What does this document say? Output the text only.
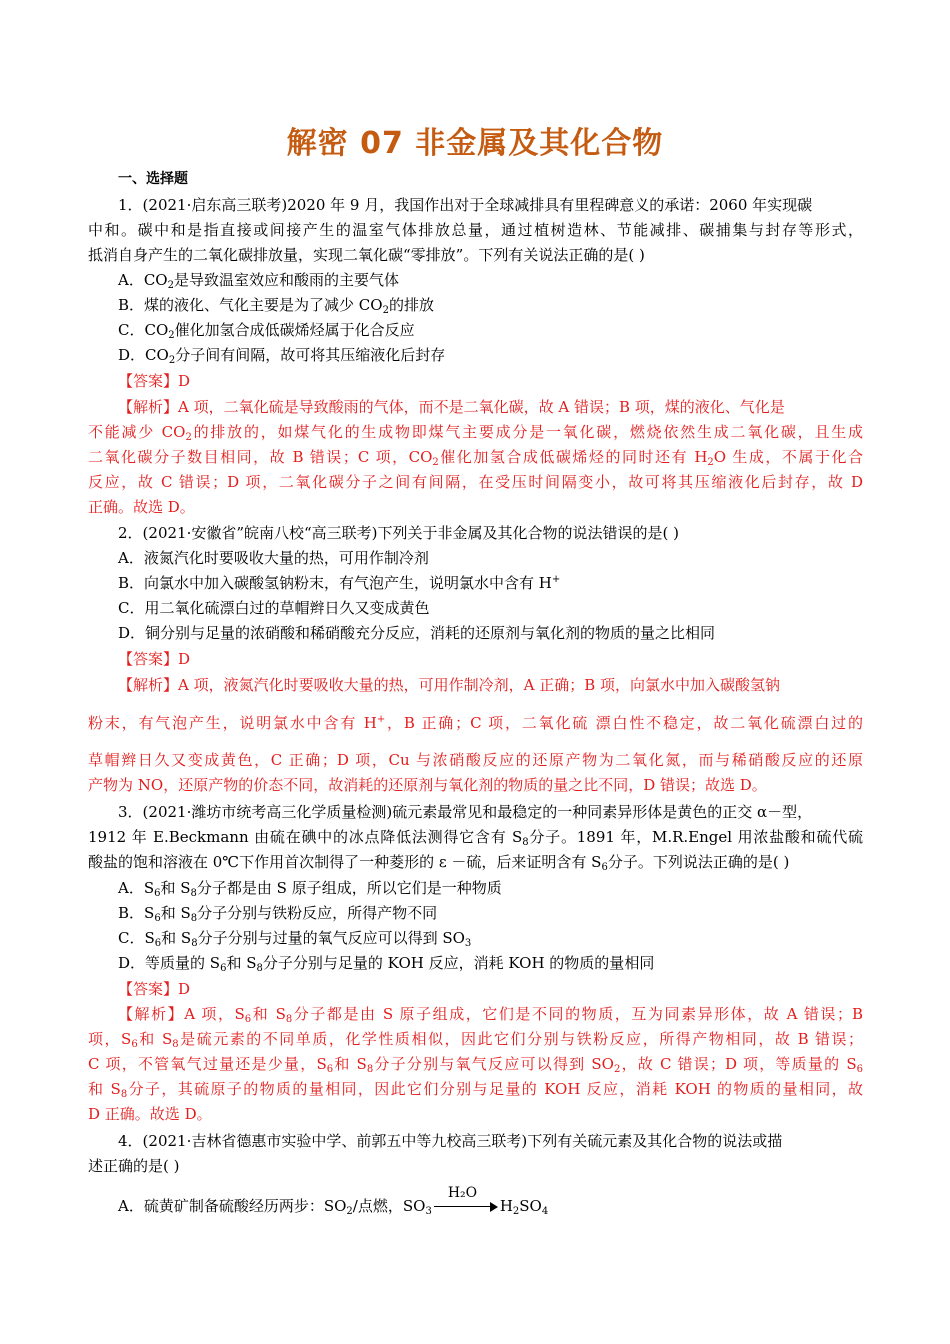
解密 07 非金属及其化合物
一、选择题
1．(2021·启东高三联考)2020 年 9 月，我国作出对于全球减排具有里程碑意义的承诺：2060 年实现碳
中和。碳中和是指直接或间接产生的温室气体排放总量，通过植树造林、节能减排、碳捕集与封存等形式，
抵消自身产生的二氧化碳排放量，实现二氧化碳“零排放”。下列有关说法正确的是( )
A．$CO_2$是导致温室效应和酸雨的主要气体
B．煤的液化、气化主要是为了减少 $CO_2$的排放
C．$CO_2$催化加氢合成低碳烯烃属于化合反应
D．$CO_2$分子间有间隔，故可将其压缩液化后封存
【答案】D
【解析】A 项，二氧化硫是导致酸雨的气体，而不是二氧化碳，故 A 错误；B 项，煤的液化、气化是
不能减少 $CO_2$的排放的，如煤气化的生成物即煤气主要成分是一氧化碳，燃烧依然生成二氧化碳，且生成
二氧化碳分子数目相同，故 B 错误；C 项，$CO_2$催化加氢合成低碳烯烃的同时还有 $H_2O$ 生成，不属于化合
反应，故 C 错误；D 项，二氧化碳分子之间有间隔，在受压时间隔变小，故可将其压缩液化后封存，故 D
正确。故选 D。
2．(2021·安徽省”皖南八校“高三联考)下列关于非金属及其化合物的说法错误的是( )
A．液氮汽化时要吸收大量的热，可用作制冷剂
B．向氯水中加入碳酸氢钠粉末，有气泡产生，说明氯水中含有 H+
C．用二氧化硫漂白过的草帽辫日久又变成黄色
D．铜分别与足量的浓硝酸和稀硝酸充分反应，消耗的还原剂与氧化剂的物质的量之比相同
【答案】D
【解析】A 项，液氮汽化时要吸收大量的热，可用作制冷剂，A 正确；B 项，向氯水中加入碳酸氢钠
粉末，有气泡产生，说明氯水中含有 H+，B 正确；C 项，二氧化硫 漂白性不稳定，故二氧化硫漂白过的
草帽辫日久又变成黄色，C 正确；D 项，Cu 与浓硝酸反应的还原产物为二氧化氮，而与稀硝酸反应的还原
产物为 NO，还原产物的价态不同，故消耗的还原剂与氧化剂的物质的量之比不同，D 错误；故选 D。
3．(2021·潍坊市统考高三化学质量检测)硫元素最常见和最稳定的一种同素异形体是黄色的正交 α－型，
1912 年 E.Beckmann 由硫在碘中的冰点降低法测得它含有 $S_8$分子。1891 年，M.R.Engel 用浓盐酸和硫代硫
酸盐的饱和溶液在 0℃下作用首次制得了一种菱形的 ε －硫，后来证明含有 $S_6$分子。下列说法正确的是( )
A．$S_6$和 $S_8$分子都是由 S 原子组成，所以它们是一种物质
B．$S_6$和 $S_8$分子分别与铁粉反应，所得产物不同
C．$S_6$和 $S_8$分子分别与过量的氧气反应可以得到 $SO_3$
D．等质量的 $S_6$和 $S_8$分子分别与足量的 KOH 反应，消耗 KOH 的物质的量相同
【答案】D
【解析】A 项，$S_6$和 $S_8$分子都是由 S 原子组成，它们是不同的物质，互为同素异形体，故 A 错误；B
项，$S_6$和 $S_8$是硫元素的不同单质，化学性质相似，因此它们分别与铁粉反应，所得产物相同，故 B 错误；
C 项，不管氧气过量还是少量，$S_6$和 $S_8$分子分别与氧气反应可以得到 $SO_2$，故 C 错误；D 项，等质量的 $S_6$
和 $S_8$分子，其硫原子的物质的量相同，因此它们分别与足量的 KOH 反应，消耗 KOH 的物质的量相同，故
D 正确。故选 D。
4．(2021·吉林省德惠市实验中学、前郭五中等九校高三联考)下列有关硫元素及其化合物的说法或描
述正确的是( )
A．硫黄矿制备硫酸经历两步：$SO_2/$点燃，$SO_3$
H₂O
$H_2SO_4$
